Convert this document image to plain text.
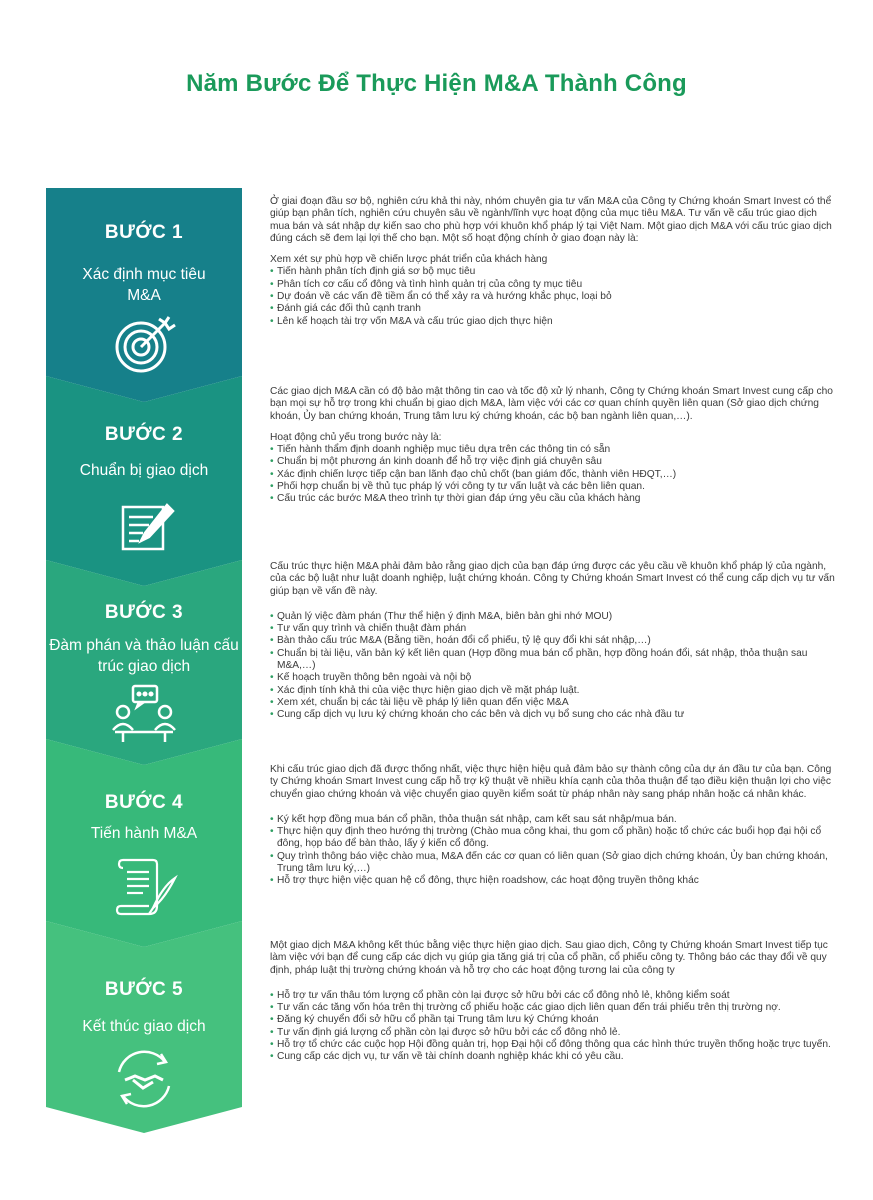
Năm Bước Để Thực Hiện M&A Thành Công
BƯỚC 1
Xác định mục tiêu M&A
BƯỚC 2
Chuẩn bị giao dịch
BƯỚC 3
Đàm phán và thảo luận cấu trúc giao dịch
BƯỚC 4
Tiến hành M&A
BƯỚC 5
Kết thúc giao dịch

Ở giai đoạn đầu sơ bộ, nghiên cứu khả thi này, nhóm chuyên gia tư vấn M&A của Công ty Chứng khoán Smart Invest có thể giúp bạn phân tích, nghiên cứu chuyên sâu về ngành/lĩnh vực hoạt động của mục tiêu M&A. Tư vấn về cấu trúc giao dịch mua bán và sát nhập dự kiến sao cho phù hợp với khuôn khổ pháp lý tại Việt Nam. Một giao dịch M&A với cấu trúc giao dịch đúng cách sẽ đem lại lợi thế cho bạn. Một số hoạt động chính ở giao đoạn này là:

Xem xét sự phù hợp về chiến lược phát triển của khách hàng
• Tiến hành phân tích định giá sơ bộ mục tiêu
• Phân tích cơ cấu cổ đông và tình hình quản trị của công ty mục tiêu
• Dự đoán về các vấn đề tiềm ẩn có thể xảy ra và hướng khắc phục, loại bỏ
• Đánh giá các đối thủ cạnh tranh
• Lên kế hoạch tài trợ vốn M&A và cấu trúc giao dịch thực hiện

Các giao dịch M&A cần có độ bảo mật thông tin cao và tốc độ xử lý nhanh, Công ty Chứng khoán Smart Invest cung cấp cho bạn mọi sự hỗ trợ trong khi chuẩn bị giao dịch M&A, làm việc với các cơ quan chính quyền liên quan (Sở giao dịch chứng khoán, Ủy ban chứng khoán, Trung tâm lưu ký chứng khoán, các bộ ban ngành liên quan,…).

Hoạt động chủ yếu trong bước này là:
• Tiến hành thẩm định doanh nghiệp mục tiêu dựa trên các thông tin có sẵn
• Chuẩn bị một phương án kinh doanh để hỗ trợ việc định giá chuyên sâu
• Xác định chiến lược tiếp cận ban lãnh đạo chủ chốt (ban giám đốc, thành viên HĐQT,…)
• Phối hợp chuẩn bị về thủ tục pháp lý với công ty tư vấn luật và các bên liên quan.
• Cấu trúc các bước M&A theo trình tự thời gian đáp ứng yêu cầu của khách hàng

Cấu trúc thực hiện M&A phải đảm bảo rằng giao dịch của bạn đáp ứng được các yêu cầu về khuôn khổ pháp lý của ngành, của các bộ luật như luật doanh nghiệp, luật chứng khoán. Công ty Chứng khoán Smart Invest có thể cung cấp dịch vụ tư vấn giúp bạn về vấn đề này.

• Quản lý việc đàm phán (Thư thể hiện ý định M&A, biên bản ghi nhớ MOU)
• Tư vấn quy trình và chiến thuật đàm phán
• Bàn thảo cấu trúc M&A (Bằng tiền, hoán đổi cổ phiếu, tỷ lệ quy đổi khi sát nhập,…)
• Chuẩn bị tài liệu, văn bản ký kết liên quan (Hợp đồng mua bán cổ phần, hợp đồng hoán đổi, sát nhập, thỏa thuận sau M&A,…)
• Kế hoạch truyền thông bên ngoài và nội bộ
• Xác định tính khả thi của việc thực hiện giao dịch về mặt pháp luật.
• Xem xét, chuẩn bị các tài liệu về pháp lý liên quan đến việc M&A
• Cung cấp dịch vụ lưu ký chứng khoán cho các bên và dịch vụ bổ sung cho các nhà đầu tư

Khi cấu trúc giao dịch đã được thống nhất, việc thực hiện hiệu quả đảm bảo sự thành công của dự án đầu tư của bạn. Công ty Chứng khoán Smart Invest cung cấp hỗ trợ kỹ thuật về nhiều khía cạnh của thỏa thuận để tạo điều kiện thuận lợi cho việc chuyển giao chứng khoán và việc chuyển giao quyền kiểm soát từ pháp nhân này sang pháp nhân hoặc cá nhân khác.

• Ký kết hợp đồng mua bán cổ phần, thỏa thuận sát nhập, cam kết sau sát nhập/mua bán.
• Thực hiện quy định theo hướng thị trường (Chào mua công khai, thu gom cổ phần) hoặc tổ chức các buổi họp đại hội cổ đông, họp báo để bàn thảo, lấy ý kiến cổ đông.
• Quy trình thông báo việc chào mua, M&A đến các cơ quan có liên quan (Sở giao dịch chứng khoán, Ủy ban chứng khoán, Trung tâm lưu ký,…)
• Hỗ trợ thực hiện việc quan hệ cổ đông, thực hiện roadshow, các hoạt động truyền thông khác

Một giao dịch M&A không kết thúc bằng việc thực hiện giao dịch. Sau giao dịch, Công ty Chứng khoán Smart Invest tiếp tục làm việc với bạn để cung cấp các dịch vụ giúp gia tăng giá trị của cổ phần, cổ phiếu công ty. Thông báo các thay đổi về quy định, pháp luật thị trường chứng khoán và hỗ trợ cho các hoạt động tương lai của công ty

• Hỗ trợ tư vấn thâu tóm lượng cổ phần còn lại được sở hữu bởi các cổ đông nhỏ lẻ, không kiểm soát
• Tư vấn các tăng vốn hóa trên thị trường cổ phiếu hoặc các giao dịch liên quan đến trái phiếu trên thị trường nợ.
• Đăng ký chuyển đổi sở hữu cổ phần tại Trung tâm lưu ký Chứng khoán
• Tư vấn định giá lượng cổ phần còn lại được sở hữu bởi các cổ đông nhỏ lẻ.
• Hỗ trợ tổ chức các cuộc họp Hội đồng quản trị, họp Đại hội cổ đông thông qua các hình thức truyền thống hoặc trực tuyến.
• Cung cấp các dịch vụ, tư vấn về tài chính doanh nghiệp khác khi có yêu cầu.
